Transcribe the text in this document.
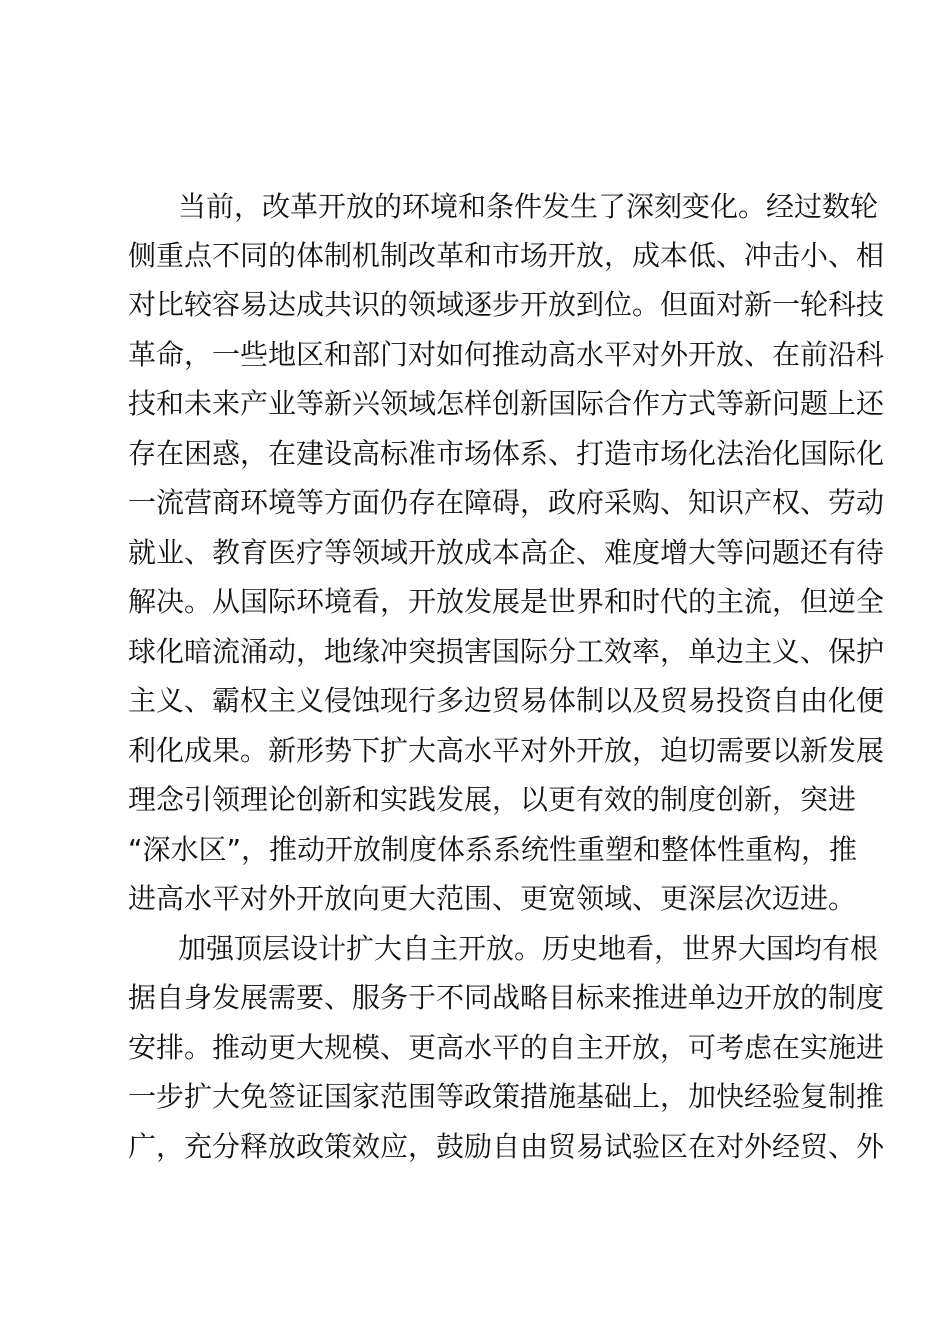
当前，改革开放的环境和条件发生了深刻变化。经过数轮
侧重点不同的体制机制改革和市场开放，成本低、冲击小、相
对比较容易达成共识的领域逐步开放到位。但面对新一轮科技
革命，一些地区和部门对如何推动高水平对外开放、在前沿科
技和未来产业等新兴领域怎样创新国际合作方式等新问题上还
存在困惑，在建设高标准市场体系、打造市场化法治化国际化
一流营商环境等方面仍存在障碍，政府采购、知识产权、劳动
就业、教育医疗等领域开放成本高企、难度增大等问题还有待
解决。从国际环境看，开放发展是世界和时代的主流，但逆全
球化暗流涌动，地缘冲突损害国际分工效率，单边主义、保护
主义、霸权主义侵蚀现行多边贸易体制以及贸易投资自由化便
利化成果。新形势下扩大高水平对外开放，迫切需要以新发展
理念引领理论创新和实践发展，以更有效的制度创新，突进
“深水区”，推动开放制度体系系统性重塑和整体性重构，推
进高水平对外开放向更大范围、更宽领域、更深层次迈进。
加强顶层设计扩大自主开放。历史地看，世界大国均有根
据自身发展需要、服务于不同战略目标来推进单边开放的制度
安排。推动更大规模、更高水平的自主开放，可考虑在实施进
一步扩大免签证国家范围等政策措施基础上，加快经验复制推
广，充分释放政策效应，鼓励自由贸易试验区在对外经贸、外
